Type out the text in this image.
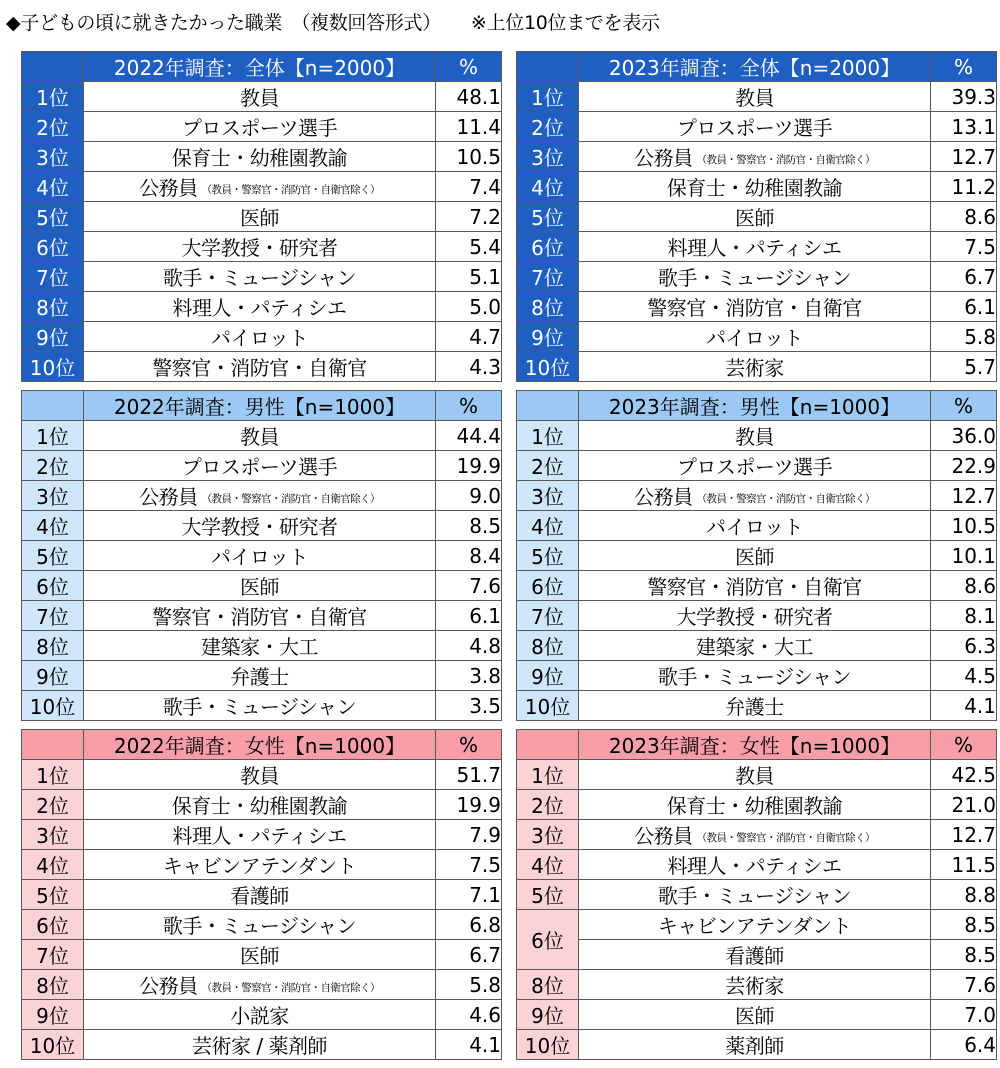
◆子どもの頃に就きたかった職業　（複数回答形式） ※上位10位までを表示
	2022年調査：全体【n=2000】	%
1位	教員	48.1
2位	プロスポーツ選手	11.4
3位	保育士・幼稚園教諭	10.5
4位	公務員 （教員・警察官・消防官・自衛官除く）	7.4
5位	医師	7.2
6位	大学教授・研究者	5.4
7位	歌手・ミュージシャン	5.1
8位	料理人・パティシエ	5.0
9位	パイロット	4.7
10位	警察官・消防官・自衛官	4.3
	2023年調査：全体【n=2000】	%
1位	教員	39.3
2位	プロスポーツ選手	13.1
3位	公務員 （教員・警察官・消防官・自衛官除く）	12.7
4位	保育士・幼稚園教諭	11.2
5位	医師	8.6
6位	料理人・パティシエ	7.5
7位	歌手・ミュージシャン	6.7
8位	警察官・消防官・自衛官	6.1
9位	パイロット	5.8
10位	芸術家	5.7
	2022年調査：男性【n=1000】	%
1位	教員	44.4
2位	プロスポーツ選手	19.9
3位	公務員 （教員・警察官・消防官・自衛官除く）	9.0
4位	大学教授・研究者	8.5
5位	パイロット	8.4
6位	医師	7.6
7位	警察官・消防官・自衛官	6.1
8位	建築家・大工	4.8
9位	弁護士	3.8
10位	歌手・ミュージシャン	3.5
	2023年調査：男性【n=1000】	%
1位	教員	36.0
2位	プロスポーツ選手	22.9
3位	公務員 （教員・警察官・消防官・自衛官除く）	12.7
4位	パイロット	10.5
5位	医師	10.1
6位	警察官・消防官・自衛官	8.6
7位	大学教授・研究者	8.1
8位	建築家・大工	6.3
9位	歌手・ミュージシャン	4.5
10位	弁護士	4.1
	2022年調査：女性【n=1000】	%
1位	教員	51.7
2位	保育士・幼稚園教諭	19.9
3位	料理人・パティシエ	7.9
4位	キャビンアテンダント	7.5
5位	看護師	7.1
6位	歌手・ミュージシャン	6.8
7位	医師	6.7
8位	公務員 （教員・警察官・消防官・自衛官除く）	5.8
9位	小説家	4.6
10位	芸術家 / 薬剤師	4.1
	2023年調査：女性【n=1000】	%
1位	教員	42.5
2位	保育士・幼稚園教諭	21.0
3位	公務員 （教員・警察官・消防官・自衛官除く）	12.7
4位	料理人・パティシエ	11.5
5位	歌手・ミュージシャン	8.8
6位	キャビンアテンダント	8.5
	看護師	8.5
8位	芸術家	7.6
9位	医師	7.0
10位	薬剤師	6.4
